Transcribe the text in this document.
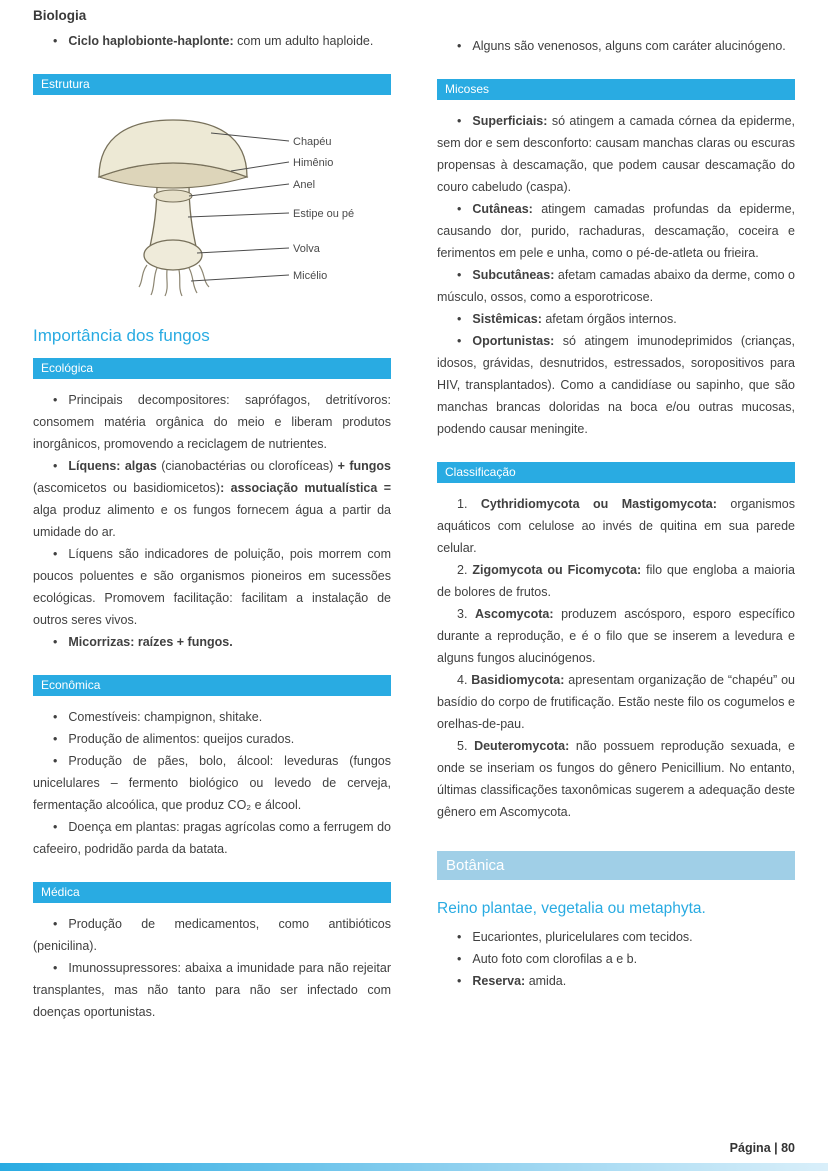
Biologia

• Ciclo haplobionte-haplonte: com um adulto haploide.

Estrutura
Chapéu
Himênio
Anel
Estipe ou pé
Volva
Micélio
Importância dos fungos
Ecológica

• Principais decompositores: saprófagos, detritívoros: consomem matéria orgânica do meio e liberam produtos inorgânicos, promovendo a reciclagem de nutrientes.

• Líquens: algas (cianobactérias ou clorofíceas) + fungos (ascomicetos ou basidiomicetos): associação mutualística = alga produz alimento e os fungos fornecem água a partir da umidade do ar.

• Líquens são indicadores de poluição, pois morrem com poucos poluentes e são organismos pioneiros em sucessões ecológicas. Promovem facilitação: facilitam a instalação de outros seres vivos.

• Micorrizas: raízes + fungos.

Econômica

• Comestíveis: champignon, shitake.

• Produção de alimentos: queijos curados.

• Produção de pães, bolo, álcool: leveduras (fungos unicelulares – fermento biológico ou levedo de cerveja, fermentação alcoólica, que produz CO₂ e álcool.

• Doença em plantas: pragas agrícolas como a ferrugem do cafeeiro, podridão parda da batata.

Médica

• Produção de medicamentos, como antibióticos (penicilina).

• Imunossupressores: abaixa a imunidade para não rejeitar transplantes, mas não tanto para não ser infectado com doenças oportunistas.

• Alguns são venenosos, alguns com caráter alucinógeno.

Micoses

• Superficiais: só atingem a camada córnea da epiderme, sem dor e sem desconforto: causam manchas claras ou escuras propensas à descamação, que podem causar descamação do couro cabeludo (caspa).

• Cutâneas: atingem camadas profundas da epiderme, causando dor, purido, rachaduras, descamação, coceira e ferimentos em pele e unha, como o pé-de-atleta ou frieira.

• Subcutâneas: afetam camadas abaixo da derme, como o músculo, ossos, como a esporotricose.

• Sistêmicas: afetam órgãos internos.

• Oportunistas: só atingem imunodeprimidos (crianças, idosos, grávidas, desnutridos, estressados, soropositivos para HIV, transplantados). Como a candidíase ou sapinho, que são manchas brancas doloridas na boca e/ou outras mucosas, podendo causar meningite.

Classificação

1. Cythridiomycota ou Mastigomycota: organismos aquáticos com celulose ao invés de quitina em sua parede celular.

2. Zigomycota ou Ficomycota: filo que engloba a maioria de bolores de frutos.

3. Ascomycota: produzem ascósporo, esporo específico durante a reprodução, e é o filo que se inserem a levedura e alguns fungos alucinógenos.

4. Basidiomycota: apresentam organização de “chapéu” ou basídio do corpo de frutificação. Estão neste filo os cogumelos e orelhas-de-pau.

5. Deuteromycota: não possuem reprodução sexuada, e onde se inseriam os fungos do gênero Penicillium. No entanto, últimas classificações taxonômicas sugerem a adequação deste gênero em Ascomycota.

Botânica
Reino plantae, vegetalia ou metaphyta.

• Eucariontes, pluricelulares com tecidos.

• Auto foto com clorofilas a e b.

• Reserva: amida.

Página | 80
